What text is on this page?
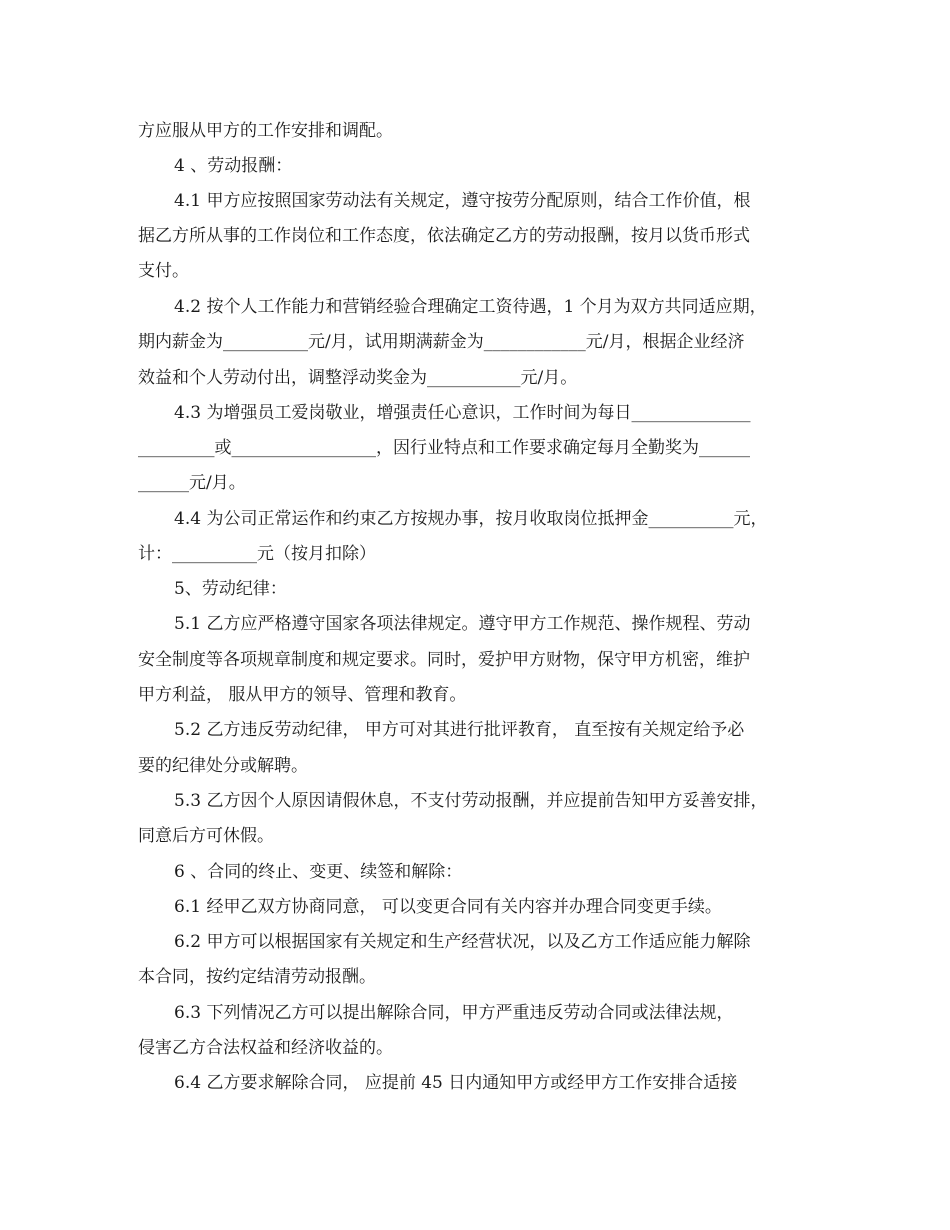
方应服从甲方的工作安排和调配。
4 、劳动报酬：
4.1 甲方应按照国家劳动法有关规定，遵守按劳分配原则，结合工作价值，根
据乙方所从事的工作岗位和工作态度，依法确定乙方的劳动报酬，按月以货币形式
支付。
4.2 按个人工作能力和营销经验合理确定工资待遇，1 个月为双方共同适应期，
期内薪金为__________元/月，试用期满薪金为____________元/月，根据企业经济
效益和个人劳动付出，调整浮动奖金为___________元/月。
4.3 为增强员工爱岗敬业，增强责任心意识，工作时间为每日______________
_________或_________________，因行业特点和工作要求确定每月全勤奖为______
______元/月。
4.4 为公司正常运作和约束乙方按规办事，按月收取岗位抵押金__________元，
计：__________元（按月扣除）
5、劳动纪律：
5.1 乙方应严格遵守国家各项法律规定。遵守甲方工作规范、操作规程、劳动
安全制度等各项规章制度和规定要求。同时，爱护甲方财物，保守甲方机密，维护
甲方利益， 服从甲方的领导、管理和教育。
5.2 乙方违反劳动纪律， 甲方可对其进行批评教育， 直至按有关规定给予必
要的纪律处分或解聘。
5.3 乙方因个人原因请假休息，不支付劳动报酬，并应提前告知甲方妥善安排，
同意后方可休假。
6 、合同的终止、变更、续签和解除：
6.1 经甲乙双方协商同意， 可以变更合同有关内容并办理合同变更手续。
6.2 甲方可以根据国家有关规定和生产经营状况，以及乙方工作适应能力解除
本合同，按约定结清劳动报酬。
6.3 下列情况乙方可以提出解除合同，甲方严重违反劳动合同或法律法规，
侵害乙方合法权益和经济收益的。
6.4 乙方要求解除合同， 应提前 45 日内通知甲方或经甲方工作安排合适接
